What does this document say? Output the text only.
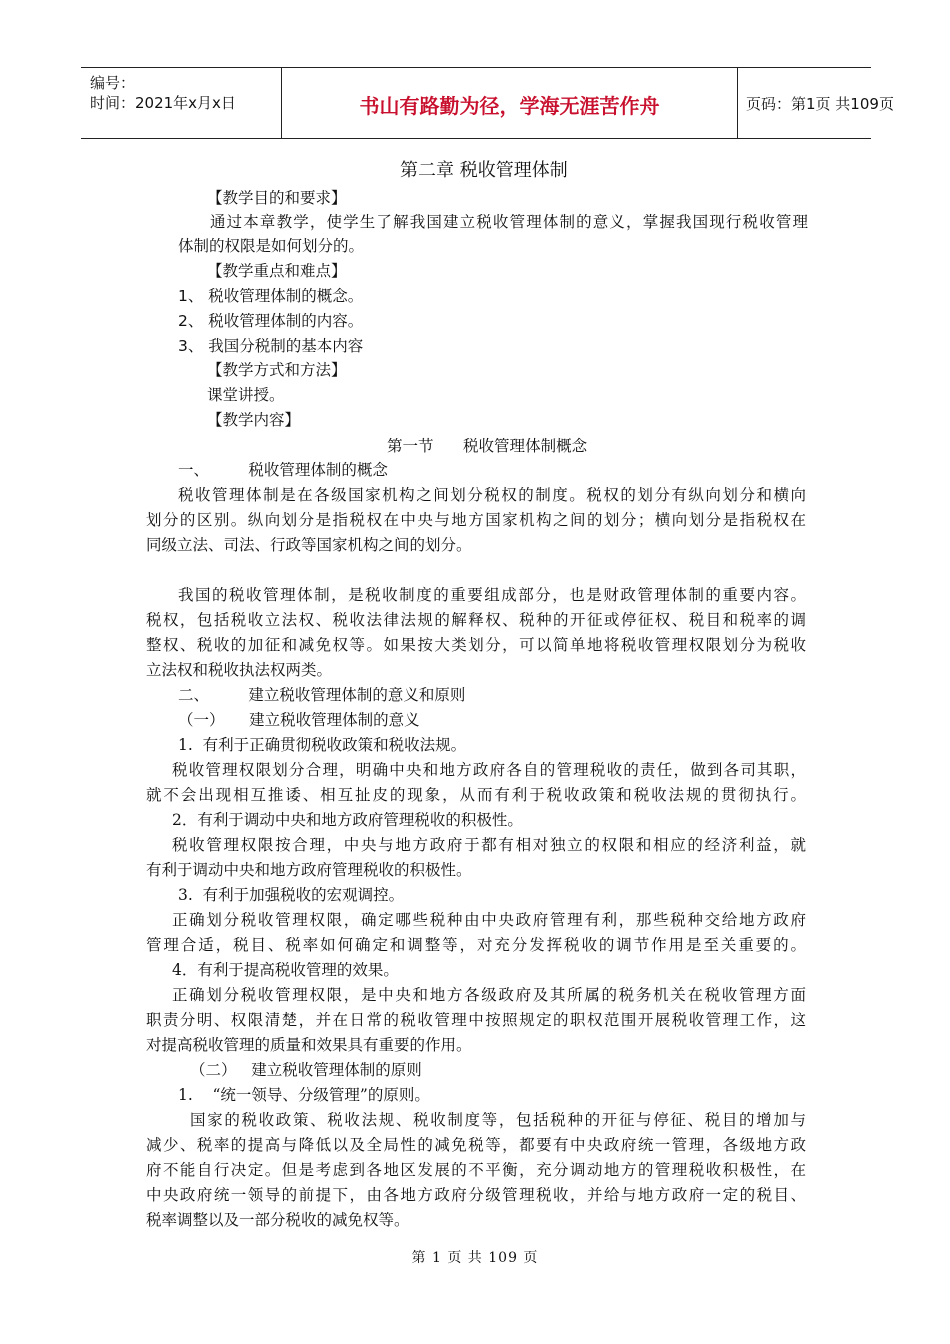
编号：
时间：2021年x月x日	书山有路勤为径，学海无涯苦作舟	页码：第1页 共109页
第二章 税收管理体制
【教学目的和要求】
通过本章教学，使学生了解我国建立税收管理体制的意义，掌握我国现行税收管理
体制的权限是如何划分的。
【教学重点和难点】
1、 税收管理体制的概念。
2、 税收管理体制的内容。
3、 我国分税制的基本内容
【教学方式和方法】
课堂讲授。
【教学内容】
第一节      税收管理体制概念
一、        税收管理体制的概念
税收管理体制是在各级国家机构之间划分税权的制度。税权的划分有纵向划分和横向
划分的区别。纵向划分是指税权在中央与地方国家机构之间的划分；横向划分是指税权在
同级立法、司法、行政等国家机构之间的划分。
我国的税收管理体制，是税收制度的重要组成部分，也是财政管理体制的重要内容。
税权，包括税收立法权、税收法律法规的解释权、税种的开征或停征权、税目和税率的调
整权、税收的加征和减免权等。如果按大类划分，可以简单地将税收管理权限划分为税收
立法权和税收执法权两类。
二、        建立税收管理体制的意义和原则
（一）     建立税收管理体制的意义
1.  有利于正确贯彻税收政策和税收法规。
税收管理权限划分合理，明确中央和地方政府各自的管理税收的责任，做到各司其职，
就不会出现相互推诿、相互扯皮的现象，从而有利于税收政策和税收法规的贯彻执行。
2．有利于调动中央和地方政府管理税收的积极性。
税收管理权限按合理，中央与地方政府于都有相对独立的权限和相应的经济利益，就
有利于调动中央和地方政府管理税收的积极性。
3.  有利于加强税收的宏观调控。
正确划分税收管理权限，确定哪些税种由中央政府管理有利，那些税种交给地方政府
管理合适，税目、税率如何确定和调整等，对充分发挥税收的调节作用是至关重要的。
4．有利于提高税收管理的效果。
正确划分税收管理权限，是中央和地方各级政府及其所属的税务机关在税收管理方面
职责分明、权限清楚，并在日常的税收管理中按照规定的职权范围开展税收管理工作，这
对提高税收管理的质量和效果具有重要的作用。
（二）   建立税收管理体制的原则
1.    “统一领导、分级管理”的原则。
国家的税收政策、税收法规、税收制度等，包括税种的开征与停征、税目的增加与
减少、税率的提高与降低以及全局性的减免税等，都要有中央政府统一管理，各级地方政
府不能自行决定。但是考虑到各地区发展的不平衡，充分调动地方的管理税收积极性，在
中央政府统一领导的前提下，由各地方政府分级管理税收，并给与地方政府一定的税目、
税率调整以及一部分税收的减免权等。
第 1 页 共 109 页
